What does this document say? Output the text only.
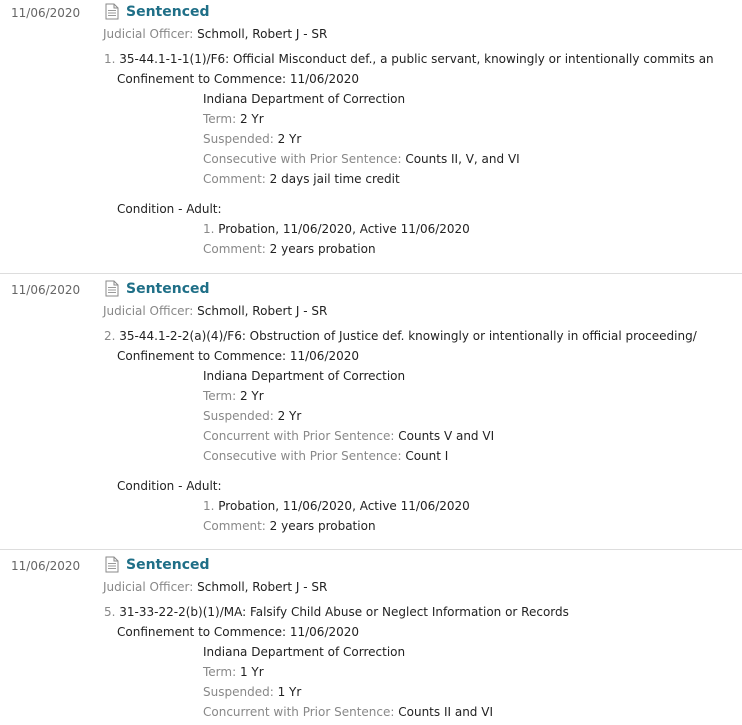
11/06/2020	Sentenced
Judicial Officer: Schmoll, Robert J - SR
1. 35-44.1-1-1(1)/F6: Official Misconduct def., a public servant, knowingly or intentionally commits an
Confinement to Commence: 11/06/2020
Indiana Department of Correction
Term: 2 Yr
Suspended: 2 Yr
Consecutive with Prior Sentence: Counts II, V, and VI
Comment: 2 days jail time credit
Condition - Adult:
1. Probation, 11/06/2020, Active 11/06/2020
Comment: 2 years probation
11/06/2020	Sentenced
Judicial Officer: Schmoll, Robert J - SR
2. 35-44.1-2-2(a)(4)/F6: Obstruction of Justice def. knowingly or intentionally in official proceeding/
Confinement to Commence: 11/06/2020
Indiana Department of Correction
Term: 2 Yr
Suspended: 2 Yr
Concurrent with Prior Sentence: Counts V and VI
Consecutive with Prior Sentence: Count I
Condition - Adult:
1. Probation, 11/06/2020, Active 11/06/2020
Comment: 2 years probation
11/06/2020	Sentenced
Judicial Officer: Schmoll, Robert J - SR
5. 31-33-22-2(b)(1)/MA: Falsify Child Abuse or Neglect Information or Records
Confinement to Commence: 11/06/2020
Indiana Department of Correction
Term: 1 Yr
Suspended: 1 Yr
Concurrent with Prior Sentence: Counts II and VI
